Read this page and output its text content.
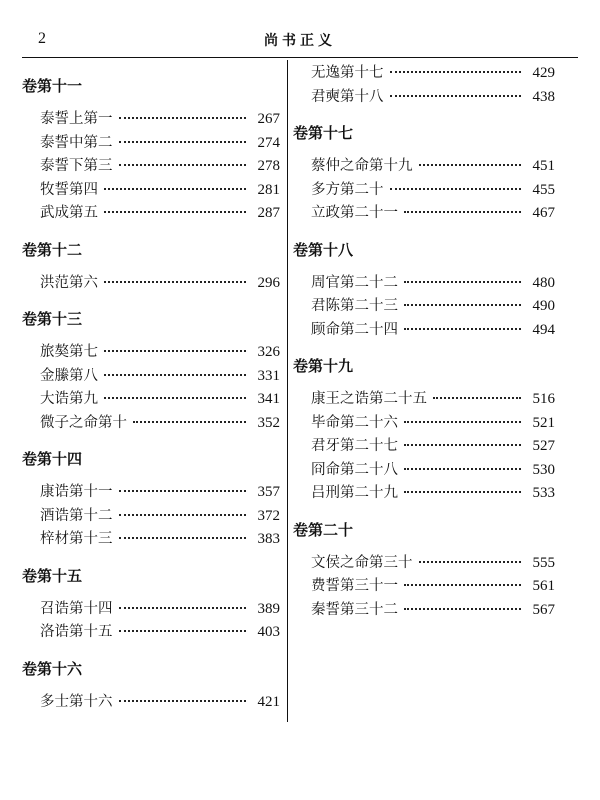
2	尚书正义
卷第十一
泰誓上第一	267
泰誓中第二	274
泰誓下第三	278
牧誓第四	281
武成第五	287
卷第十二
洪范第六	296
卷第十三
旅獒第七	326
金縢第八	331
大诰第九	341
微子之命第十	352
卷第十四
康诰第十一	357
酒诰第十二	372
梓材第十三	383
卷第十五
召诰第十四	389
洛诰第十五	403
卷第十六
多士第十六	421
无逸第十七	429
君奭第十八	438
卷第十七
蔡仲之命第十九	451
多方第二十	455
立政第二十一	467
卷第十八
周官第二十二	480
君陈第二十三	490
顾命第二十四	494
卷第十九
康王之诰第二十五	516
毕命第二十六	521
君牙第二十七	527
冏命第二十八	530
吕刑第二十九	533
卷第二十
文侯之命第三十	555
费誓第三十一	561
秦誓第三十二	567
